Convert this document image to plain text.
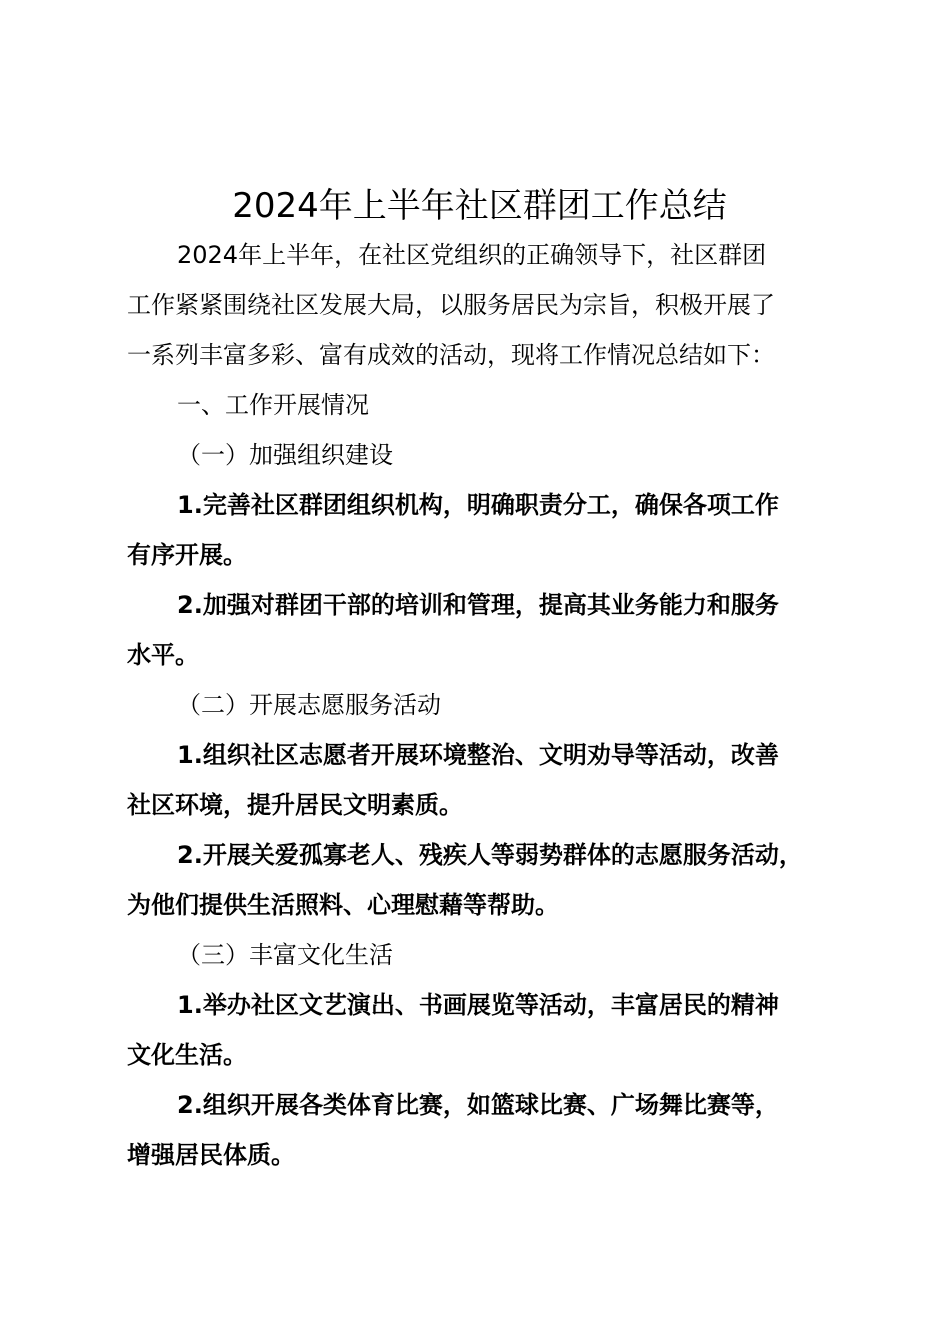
2024年上半年社区群团工作总结
2024年上半年，在社区党组织的正确领导下，社区群团
工作紧紧围绕社区发展大局，以服务居民为宗旨，积极开展了
一系列丰富多彩、富有成效的活动，现将工作情况总结如下：
一、工作开展情况
（一）加强组织建设
1.完善社区群团组织机构，明确职责分工，确保各项工作
有序开展。
2.加强对群团干部的培训和管理，提高其业务能力和服务
水平。
（二）开展志愿服务活动
1.组织社区志愿者开展环境整治、文明劝导等活动，改善
社区环境，提升居民文明素质。
2.开展关爱孤寡老人、残疾人等弱势群体的志愿服务活动，
为他们提供生活照料、心理慰藉等帮助。
（三）丰富文化生活
1.举办社区文艺演出、书画展览等活动，丰富居民的精神
文化生活。
2.组织开展各类体育比赛，如篮球比赛、广场舞比赛等，
增强居民体质。
